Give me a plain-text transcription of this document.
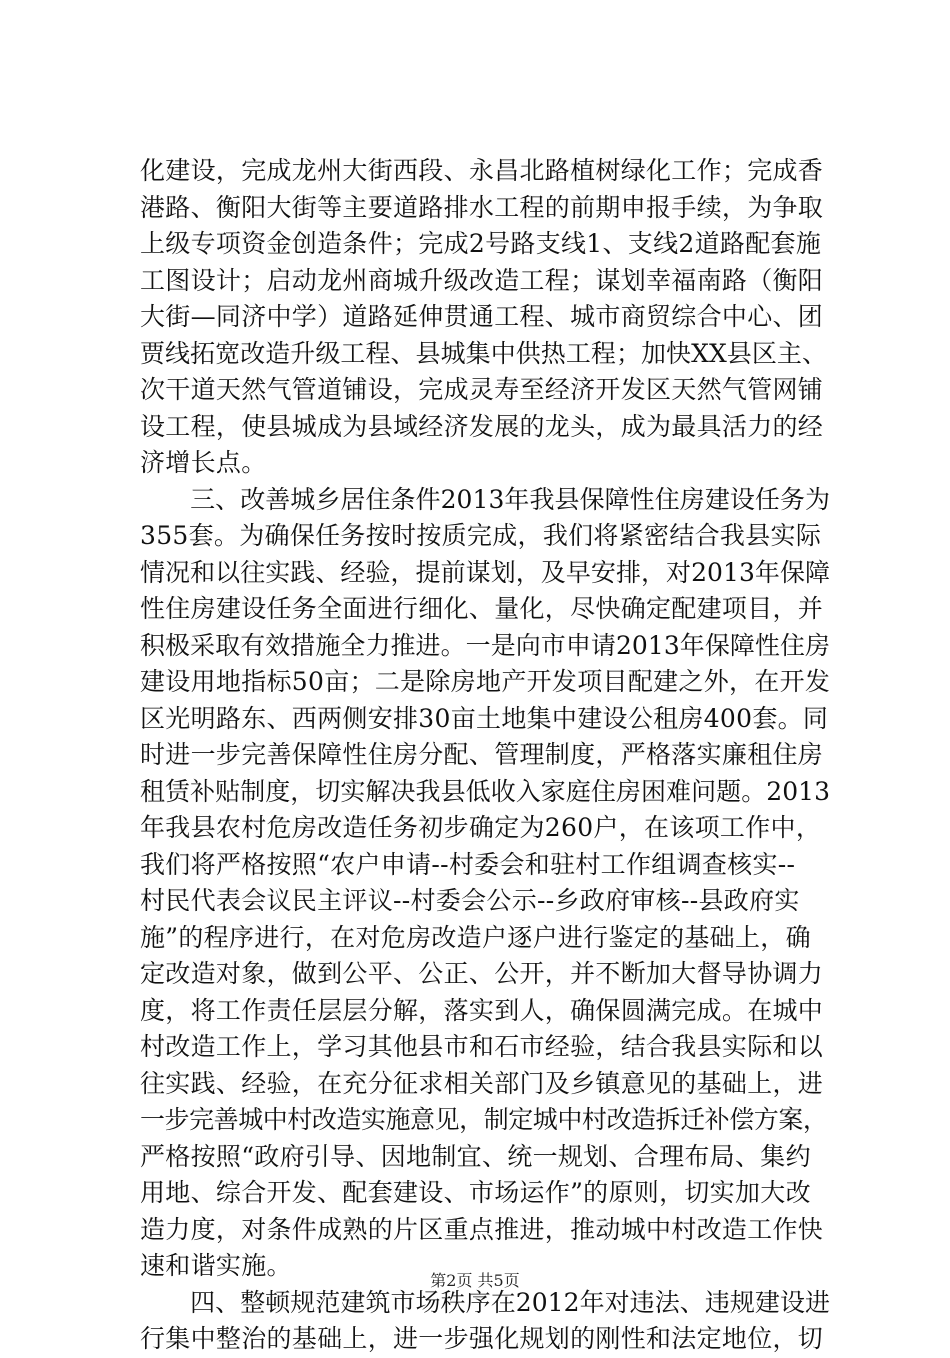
化建设，完成龙州大街西段、永昌北路植树绿化工作；完成香
港路、衡阳大街等主要道路排水工程的前期申报手续，为争取
上级专项资金创造条件；完成2号路支线1、支线2道路配套施
工图设计；启动龙州商城升级改造工程；谋划幸福南路（衡阳
大街—同济中学）道路延伸贯通工程、城市商贸综合中心、团
贾线拓宽改造升级工程、县城集中供热工程；加快XX县区主、
次干道天然气管道铺设，完成灵寿至经济开发区天然气管网铺
设工程，使县城成为县域经济发展的龙头，成为最具活力的经
济增长点。
　　三、改善城乡居住条件2013年我县保障性住房建设任务为
355套。为确保任务按时按质完成，我们将紧密结合我县实际
情况和以往实践、经验，提前谋划，及早安排，对2013年保障
性住房建设任务全面进行细化、量化，尽快确定配建项目，并
积极采取有效措施全力推进。一是向市申请2013年保障性住房
建设用地指标50亩；二是除房地产开发项目配建之外，在开发
区光明路东、西两侧安排30亩土地集中建设公租房400套。同
时进一步完善保障性住房分配、管理制度，严格落实廉租住房
租赁补贴制度，切实解决我县低收入家庭住房困难问题。2013
年我县农村危房改造任务初步确定为260户，在该项工作中，
我们将严格按照“农户申请--村委会和驻村工作组调查核实--
村民代表会议民主评议--村委会公示--乡政府审核--县政府实
施”的程序进行，在对危房改造户逐户进行鉴定的基础上，确
定改造对象，做到公平、公正、公开，并不断加大督导协调力
度，将工作责任层层分解，落实到人，确保圆满完成。在城中
村改造工作上，学习其他县市和石市经验，结合我县实际和以
往实践、经验，在充分征求相关部门及乡镇意见的基础上，进
一步完善城中村改造实施意见，制定城中村改造拆迁补偿方案，
严格按照“政府引导、因地制宜、统一规划、合理布局、集约
用地、综合开发、配套建设、市场运作”的原则，切实加大改
造力度，对条件成熟的片区重点推进，推动城中村改造工作快
速和谐实施。
　　四、整顿规范建筑市场秩序在2012年对违法、违规建设进
行集中整治的基础上，进一步强化规划的刚性和法定地位，切
第2页 共5页
